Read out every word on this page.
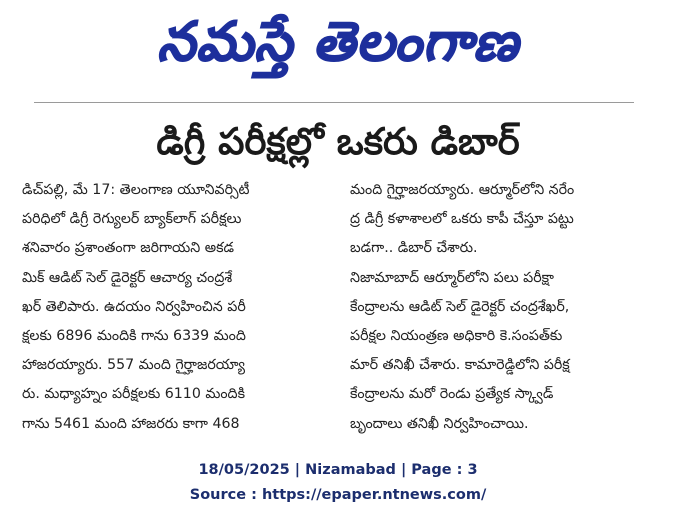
నమస్తే తెలంగాణ
డిగ్రీ పరీక్షల్లో ఒకరు డిబార్
డిచ్‌పల్లి, మే 17: తెలంగాణ యూనివర్సిటీ
పరిధిలో డిగ్రీ రెగ్యులర్ బ్యాక్‌లాగ్ పరీక్షలు
శనివారం ప్రశాంతంగా జరిగాయని అకడ
మిక్ ఆడిట్ సెల్ డైరెక్టర్ ఆచార్య చంద్రశే
ఖర్ తెలిపారు. ఉదయం నిర్వహించిన పరీ
క్షలకు 6896 మందికి గాను 6339 మంది
హాజరయ్యారు. 557 మంది గైర్హాజరయ్యా
రు. మధ్యాహ్నం పరీక్షలకు 6110 మందికి
గాను 5461 మంది హాజరరు కాగా 468
మంది గైర్హాజరయ్యారు. ఆర్మూర్‌లోని నరేం
ద్ర డిగ్రీ కళాశాలలో ఒకరు కాపీ చేస్తూ పట్టు
బడగా.. డిబార్ చేశారు.
నిజామాబాద్ ఆర్మూర్‌లోని పలు పరీక్షా
కేంద్రాలను ఆడిట్ సెల్ డైరెక్టర్ చంద్రశేఖర్,
పరీక్షల నియంత్రణ అధికారి కె.సంపత్‌కు
మార్ తనిఖీ చేశారు. కామారెడ్డిలోని పరీక్ష
కేంద్రాలను మరో రెండు ప్రత్యేక స్క్వాడ్
బృందాలు తనిఖీ నిర్వహించాయి.
18/05/2025 | Nizamabad | Page : 3
Source : https://epaper.ntnews.com/
